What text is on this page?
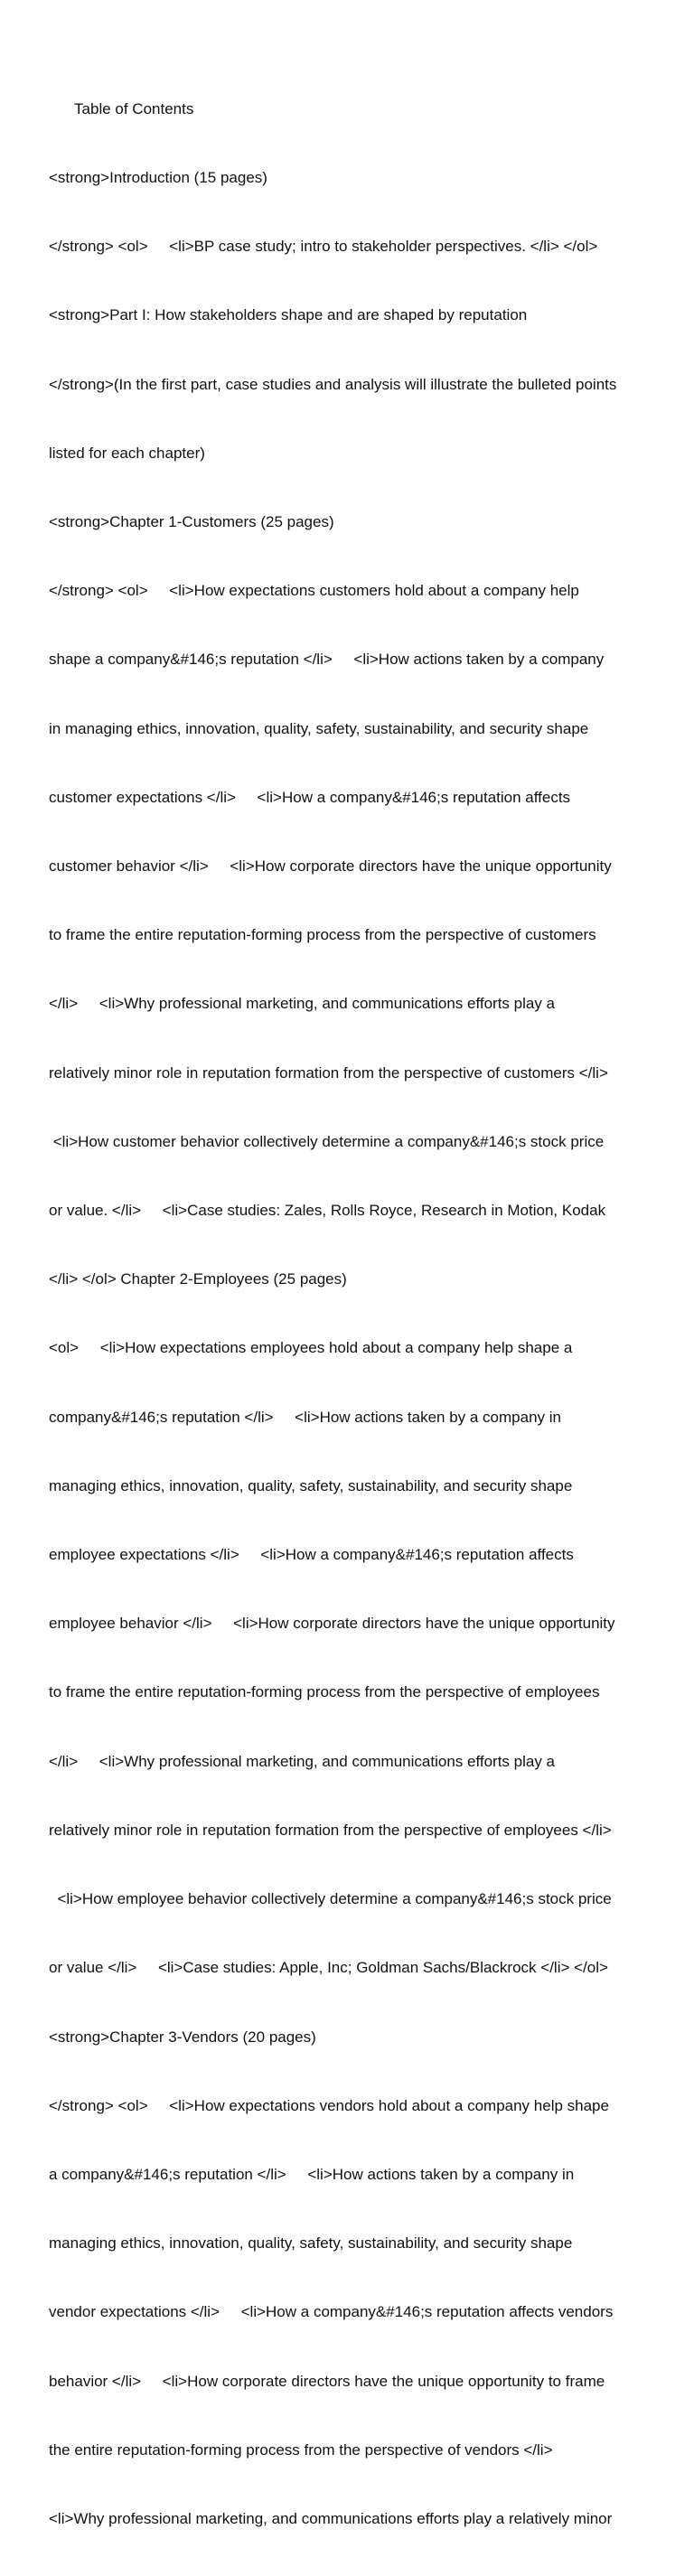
Table of Contents

<strong>Introduction (15 pages)

</strong> <ol>     <li>BP case study; intro to stakeholder perspectives. </li> </ol>

<strong>Part I: How stakeholders shape and are shaped by reputation

</strong>(In the first part, case studies and analysis will illustrate the bulleted points

listed for each chapter)

<strong>Chapter 1-Customers (25 pages)

</strong> <ol>     <li>How expectations customers hold about a company help

shape a company&#146;s reputation </li>     <li>How actions taken by a company

in managing ethics, innovation, quality, safety, sustainability, and security shape

customer expectations </li>     <li>How a company&#146;s reputation affects

customer behavior </li>     <li>How corporate directors have the unique opportunity

to frame the entire reputation-forming process from the perspective of customers

</li>     <li>Why professional marketing, and communications efforts play a

relatively minor role in reputation formation from the perspective of customers </li>

<li>How customer behavior collectively determine a company&#146;s stock price

or value. </li>     <li>Case studies: Zales, Rolls Royce, Research in Motion, Kodak

</li> </ol> Chapter 2-Employees (25 pages)

<ol>     <li>How expectations employees hold about a company help shape a

company&#146;s reputation </li>     <li>How actions taken by a company in

managing ethics, innovation, quality, safety, sustainability, and security shape

employee expectations </li>     <li>How a company&#146;s reputation affects

employee behavior </li>     <li>How corporate directors have the unique opportunity

to frame the entire reputation-forming process from the perspective of employees

</li>     <li>Why professional marketing, and communications efforts play a

relatively minor role in reputation formation from the perspective of employees </li>

<li>How employee behavior collectively determine a company&#146;s stock price

or value </li>     <li>Case studies: Apple, Inc; Goldman Sachs/Blackrock </li> </ol>

<strong>Chapter 3-Vendors (20 pages)

</strong> <ol>     <li>How expectations vendors hold about a company help shape

a company&#146;s reputation </li>     <li>How actions taken by a company in

managing ethics, innovation, quality, safety, sustainability, and security shape

vendor expectations </li>     <li>How a company&#146;s reputation affects vendors

behavior </li>     <li>How corporate directors have the unique opportunity to frame

the entire reputation-forming process from the perspective of vendors </li>

<li>Why professional marketing, and communications efforts play a relatively minor
